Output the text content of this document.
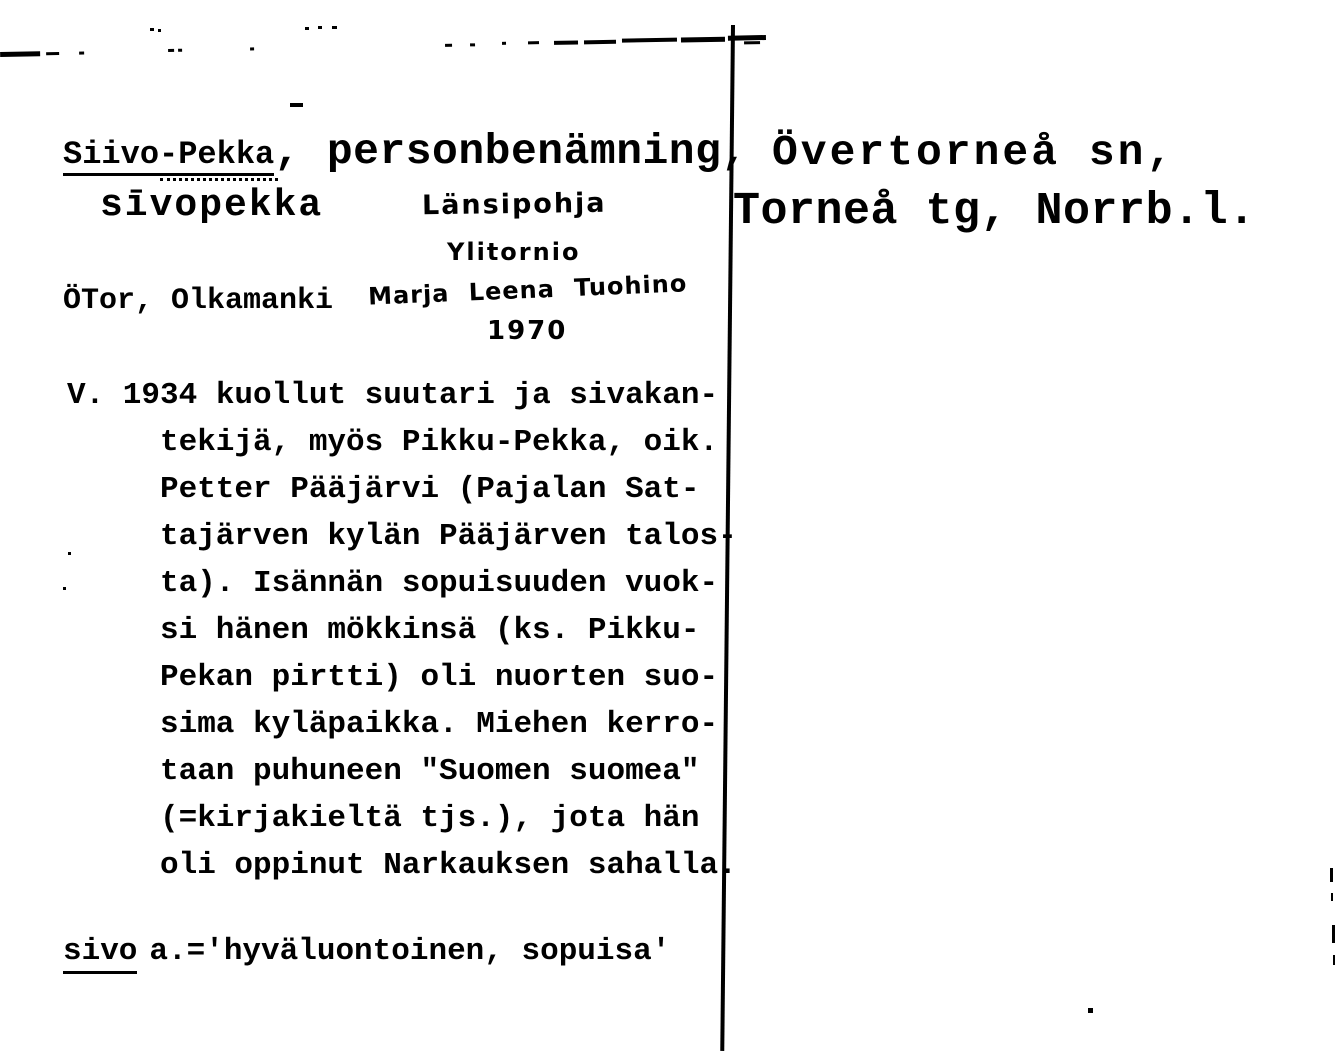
Siivo-Pekka , personbenämning, Övertorneå sn,
Torneå tg, Norrb.l.
sīvopekka	Länsipohja
Ylitornio
ÖTor, Olkamanki Marja Leena Tuohino
1970
V. 1934 kuollut suutari ja sivakan-
tekijä, myös Pikku-Pekka, oik.
Petter Pääjärvi (Pajalan Sat-
tajärven kylän Pääjärven talos-
ta). Isännän sopuisuuden vuok-
si hänen mökkinsä (ks. Pikku-
Pekan pirtti) oli nuorten suo-
sima kyläpaikka. Miehen kerro-
taan puhuneen "Suomen suomea"
(=kirjakieltä tjs.), jota hän
oli oppinut Narkauksen sahalla.
sivo a.='hyväluontoinen, sopuisa'
